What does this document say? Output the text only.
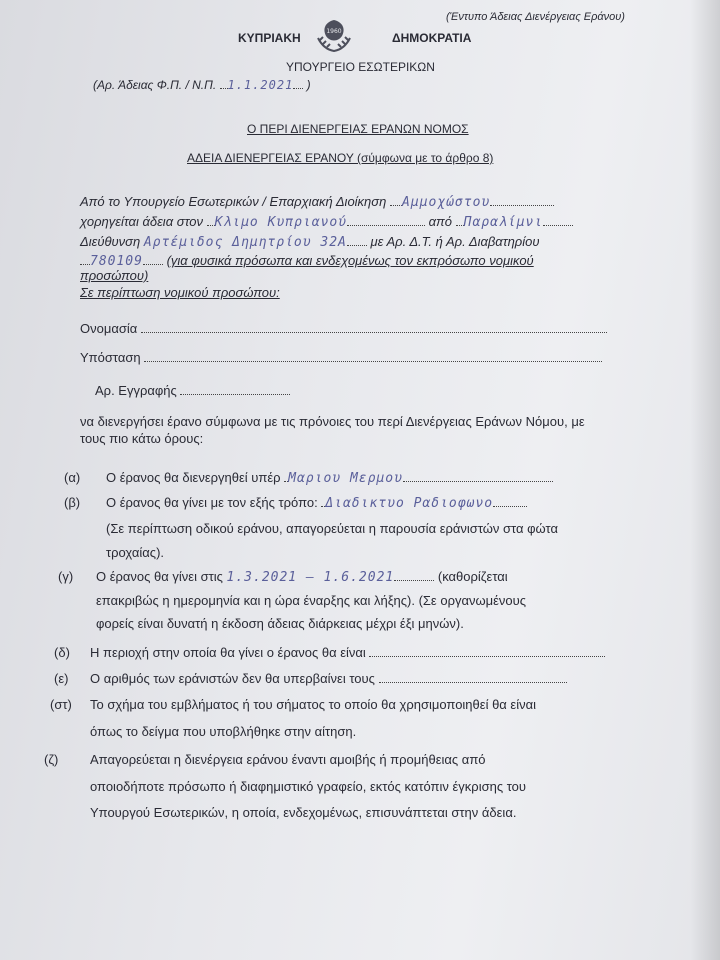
(Έντυπο Άδειας Διενέργειας Εράνου)
ΚΥΠΡΙΑΚΗ	1960	ΔΗΜΟΚΡΑΤΙΑ
ΥΠΟΥΡΓΕΙΟ ΕΣΩΤΕΡΙΚΩΝ
(Αρ. Άδειας Φ.Π. / Ν.Π. 1.1.2021 )
Ο ΠΕΡΙ ΔΙΕΝΕΡΓΕΙΑΣ ΕΡΑΝΩΝ ΝΟΜΟΣ
ΑΔΕΙΑ ΔΙΕΝΕΡΓΕΙΑΣ ΕΡΑΝΟΥ (σύμφωνα με το άρθρο 8)
Από το Υπουργείο Εσωτερικών / Επαρχιακή Διοίκηση Αμμοχώστου
χορηγείται άδεια στον Κλιμο Κυπριανού	από Παραλίμνι
Διεύθυνση Αρτέμιδος Δημητρίου 32Α με Αρ. Δ.Τ. ή Αρ. Διαβατηρίου
780109 (για φυσικά πρόσωπα και ενδεχομένως τον εκπρόσωπο νομικού
προσώπου)
Σε περίπτωση νομικού προσώπου:
Ονομασία
Υπόσταση
Αρ. Εγγραφής
να διενεργήσει έρανο σύμφωνα με τις πρόνοιες του περί Διενέργειας Εράνων Νόμου, με
τους πιο κάτω όρους:
(α) Ο έρανος θα διενεργηθεί υπέρ Μαριου Μερμου
(β) Ο έρανος θα γίνει με τον εξής τρόπο: Διαδικτυο Ραδιοφωνο
(Σε περίπτωση οδικού εράνου, απαγορεύεται η παρουσία εράνιστών στα φώτα
τροχαίας).
(γ) Ο έρανος θα γίνει στις 1.3.2021 – 1.6.2021	(καθορίζεται
επακριβώς η ημερομηνία και η ώρα έναρξης και λήξης). (Σε οργανωμένους
φορείς είναι δυνατή η έκδοση άδειας διάρκειας μέχρι έξι μηνών).
(δ) Η περιοχή στην οποία θα γίνει ο έρανος θα είναι
(ε) Ο αριθμός των εράνιστών δεν θα υπερβαίνει τους
(στ) Το σχήμα του εμβλήματος ή του σήματος το οποίο θα χρησιμοποιηθεί θα είναι
όπως το δείγμα που υποβλήθηκε στην αίτηση.
(ζ) Απαγορεύεται η διενέργεια εράνου έναντι αμοιβής ή προμήθειας από
οποιοδήποτε πρόσωπο ή διαφημιστικό γραφείο, εκτός κατόπιν έγκρισης του
Υπουργού Εσωτερικών, η οποία, ενδεχομένως, επισυνάπτεται στην άδεια.
